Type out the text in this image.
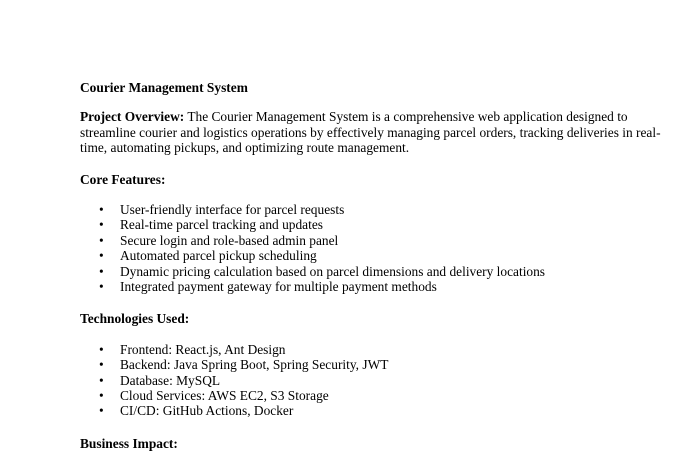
Courier Management System

Project Overview: The Courier Management System is a comprehensive web application designed to streamline courier and logistics operations by effectively managing parcel orders, tracking deliveries in real-time, automating pickups, and optimizing route management.

Core Features:

• User-friendly interface for parcel requests
• Real-time parcel tracking and updates
• Secure login and role-based admin panel
• Automated parcel pickup scheduling
• Dynamic pricing calculation based on parcel dimensions and delivery locations
• Integrated payment gateway for multiple payment methods

Technologies Used:

• Frontend: React.js, Ant Design
• Backend: Java Spring Boot, Spring Security, JWT
• Database: MySQL
• Cloud Services: AWS EC2, S3 Storage
• CI/CD: GitHub Actions, Docker

Business Impact:
